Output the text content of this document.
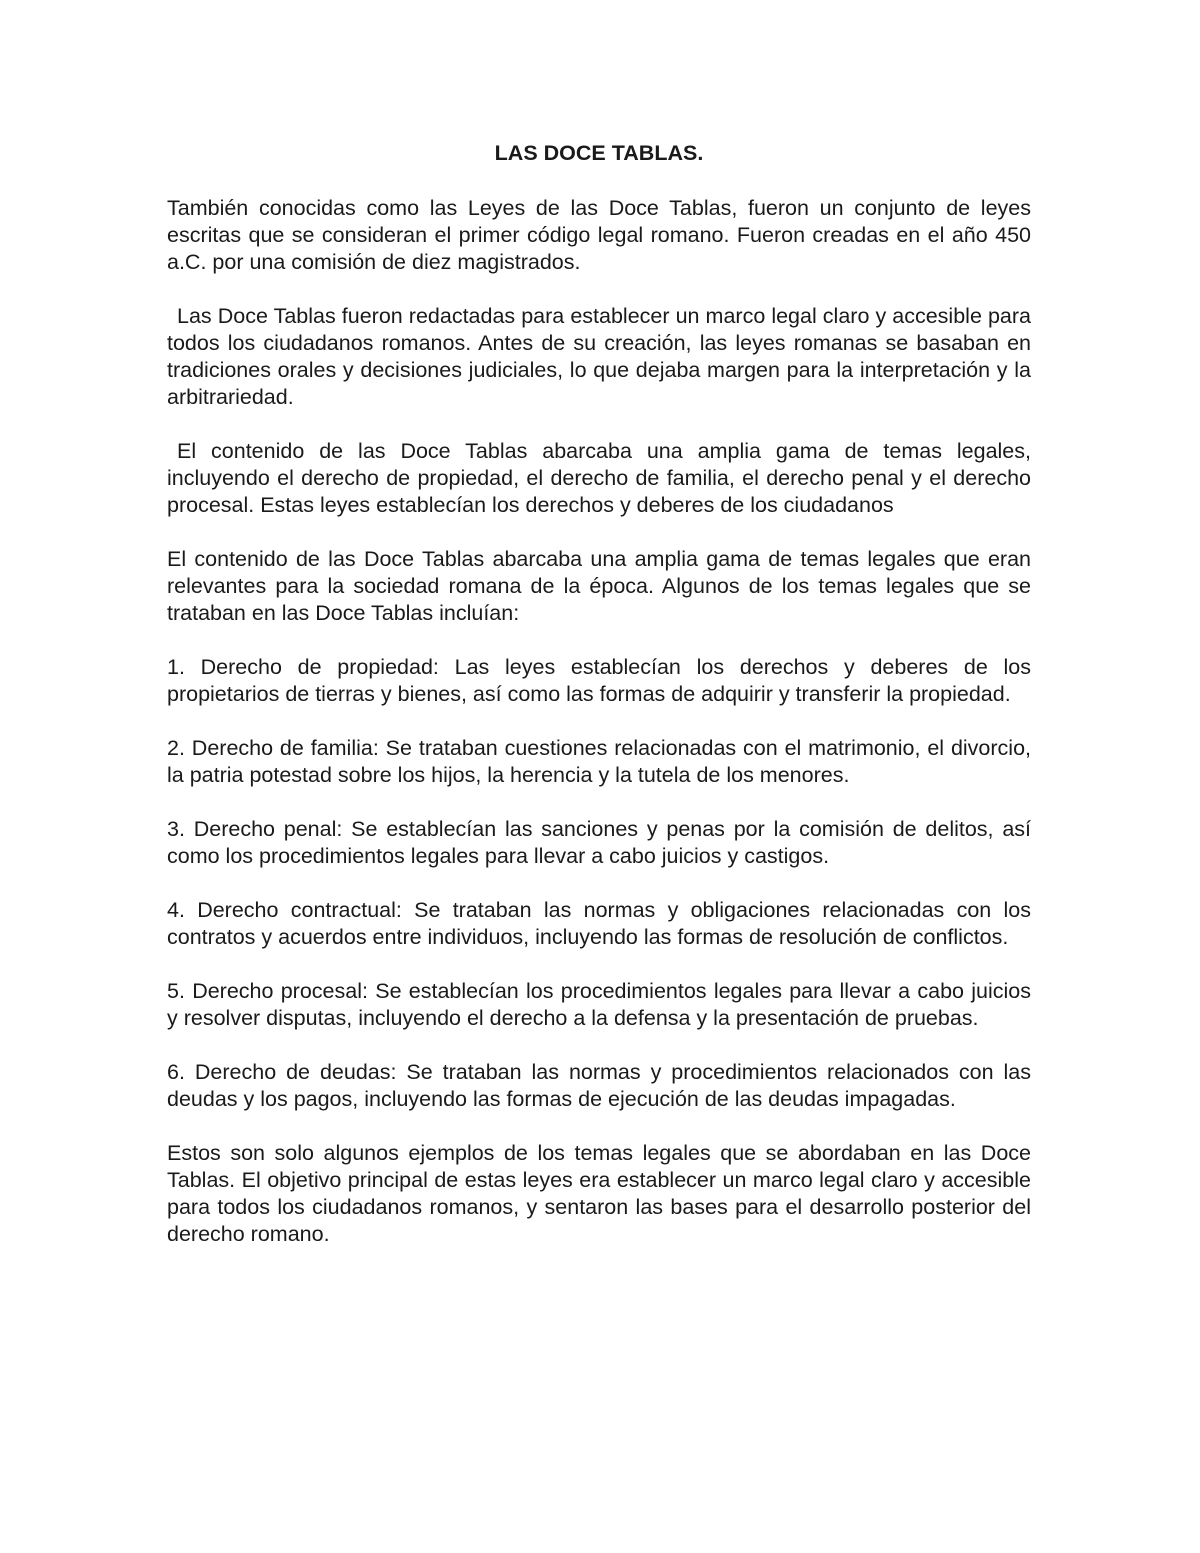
LAS DOCE TABLAS.

También conocidas como las Leyes de las Doce Tablas, fueron un conjunto de leyes escritas que se consideran el primer código legal romano. Fueron creadas en el año 450 a.C. por una comisión de diez magistrados.

Las Doce Tablas fueron redactadas para establecer un marco legal claro y accesible para todos los ciudadanos romanos. Antes de su creación, las leyes romanas se basaban en tradiciones orales y decisiones judiciales, lo que dejaba margen para la interpretación y la arbitrariedad.

El contenido de las Doce Tablas abarcaba una amplia gama de temas legales, incluyendo el derecho de propiedad, el derecho de familia, el derecho penal y el derecho procesal. Estas leyes establecían los derechos y deberes de los ciudadanos

El contenido de las Doce Tablas abarcaba una amplia gama de temas legales que eran relevantes para la sociedad romana de la época. Algunos de los temas legales que se trataban en las Doce Tablas incluían:

1. Derecho de propiedad: Las leyes establecían los derechos y deberes de los propietarios de tierras y bienes, así como las formas de adquirir y transferir la propiedad.

2. Derecho de familia: Se trataban cuestiones relacionadas con el matrimonio, el divorcio, la patria potestad sobre los hijos, la herencia y la tutela de los menores.

3. Derecho penal: Se establecían las sanciones y penas por la comisión de delitos, así como los procedimientos legales para llevar a cabo juicios y castigos.

4. Derecho contractual: Se trataban las normas y obligaciones relacionadas con los contratos y acuerdos entre individuos, incluyendo las formas de resolución de conflictos.

5. Derecho procesal: Se establecían los procedimientos legales para llevar a cabo juicios y resolver disputas, incluyendo el derecho a la defensa y la presentación de pruebas.

6. Derecho de deudas: Se trataban las normas y procedimientos relacionados con las deudas y los pagos, incluyendo las formas de ejecución de las deudas impagadas.

Estos son solo algunos ejemplos de los temas legales que se abordaban en las Doce Tablas. El objetivo principal de estas leyes era establecer un marco legal claro y accesible para todos los ciudadanos romanos, y sentaron las bases para el desarrollo posterior del derecho romano.
